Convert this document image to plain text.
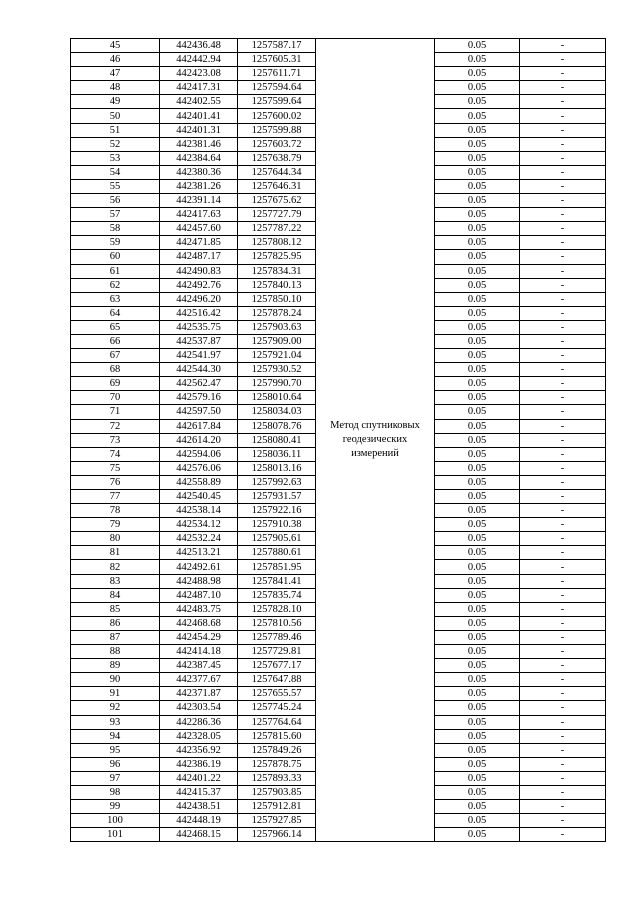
45	442436.48	1257587.17	Метод спутниковых геодезических измерений	0.05	-
46	442442.94	1257605.31		0.05	-
47	442423.08	1257611.71		0.05	-
48	442417.31	1257594.64		0.05	-
49	442402.55	1257599.64		0.05	-
50	442401.41	1257600.02		0.05	-
51	442401.31	1257599.88		0.05	-
52	442381.46	1257603.72		0.05	-
53	442384.64	1257638.79		0.05	-
54	442380.36	1257644.34		0.05	-
55	442381.26	1257646.31		0.05	-
56	442391.14	1257675.62		0.05	-
57	442417.63	1257727.79		0.05	-
58	442457.60	1257787.22		0.05	-
59	442471.85	1257808.12		0.05	-
60	442487.17	1257825.95		0.05	-
61	442490.83	1257834.31		0.05	-
62	442492.76	1257840.13		0.05	-
63	442496.20	1257850.10		0.05	-
64	442516.42	1257878.24		0.05	-
65	442535.75	1257903.63		0.05	-
66	442537.87	1257909.00		0.05	-
67	442541.97	1257921.04		0.05	-
68	442544.30	1257930.52		0.05	-
69	442562.47	1257990.70		0.05	-
70	442579.16	1258010.64		0.05	-
71	442597.50	1258034.03		0.05	-
72	442617.84	1258078.76		0.05	-
73	442614.20	1258080.41		0.05	-
74	442594.06	1258036.11		0.05	-
75	442576.06	1258013.16		0.05	-
76	442558.89	1257992.63		0.05	-
77	442540.45	1257931.57		0.05	-
78	442538.14	1257922.16		0.05	-
79	442534.12	1257910.38		0.05	-
80	442532.24	1257905.61		0.05	-
81	442513.21	1257880.61		0.05	-
82	442492.61	1257851.95		0.05	-
83	442488.98	1257841.41		0.05	-
84	442487.10	1257835.74		0.05	-
85	442483.75	1257828.10		0.05	-
86	442468.68	1257810.56		0.05	-
87	442454.29	1257789.46		0.05	-
88	442414.18	1257729.81		0.05	-
89	442387.45	1257677.17		0.05	-
90	442377.67	1257647.88		0.05	-
91	442371.87	1257655.57		0.05	-
92	442303.54	1257745.24		0.05	-
93	442286.36	1257764.64		0.05	-
94	442328.05	1257815.60		0.05	-
95	442356.92	1257849.26		0.05	-
96	442386.19	1257878.75		0.05	-
97	442401.22	1257893.33		0.05	-
98	442415.37	1257903.85		0.05	-
99	442438.51	1257912.81		0.05	-
100	442448.19	1257927.85		0.05	-
101	442468.15	1257966.14		0.05	-
